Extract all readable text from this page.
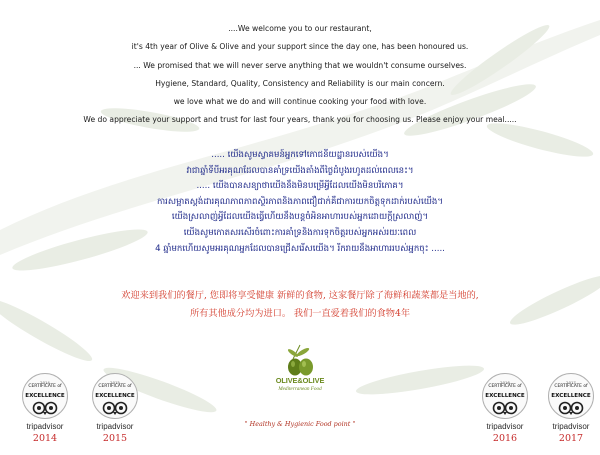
....We welcome you to our restaurant,
it's 4th year of Olive & Olive and your support since the day one, has been honoured us.
... We promised that we will never serve anything that we wouldn't consume ourselves.
Hygiene, Standard, Quality, Consistency and Reliability is our main concern.
we love what we do and will continue cooking your food with love.
We do appreciate your support and trust for last four years, thank you for choosing us. Please enjoy your meal.....
..... យើងសូមស្វាគមន៍អ្នកទៅភោជនីយដ្ឋានរបស់យើង។
វាជាឆ្នាំទីបីអរគុណដែលបានគាំទ្រយើងតាំងពីថ្ងៃដំបូងរហូតដល់ពេលនេះ។
..... យើងបានសន្យាថាយើងនឹងមិនបម្រើអ្វីដែលយើងមិនបរិភោគ។
ការសម្អាតស្តង់ដារគុណភាពភាពស្ថិរភាពនិងភាពជឿជាក់គឺជាការយកចិត្តទុកដាក់របស់យើង។
យើងស្រលាញ់អ្វីដែលយើងធ្វើហើយនឹងបន្តចំអិនអាហារបស់អ្នកដោយក្តីស្រលាញ់។
យើងសូមកោតសរសើរចំពោះការគាំទ្រនិងការទុកចិត្តរបស់អ្នកអស់រយៈពេល
4 ឆ្នាំមកហើយសូមអរគុណអ្នកដែលបានជ្រើសរើសយើង។ រីករាយនឹងអាហាររបស់អ្នកចុះ .....
欢迎来到我们的餐厅, 您即将享受健康 新鲜的食物, 这家餐厅除了海鲜和蔬菜都是当地的,
所有其他成分均为进口。 我们一直爱着我们的食物4年
OLIVE&OLIVE
Mediterranean Food
" Healthy & Hygienic Food point "
2014
CERTIFICATE of
EXCELLENCE
tripadvisor
2014
2015
CERTIFICATE of
EXCELLENCE
tripadvisor
2015
2016
CERTIFICATE of
EXCELLENCE
tripadvisor
2016
2017
CERTIFICATE of
EXCELLENCE
tripadvisor
2017
